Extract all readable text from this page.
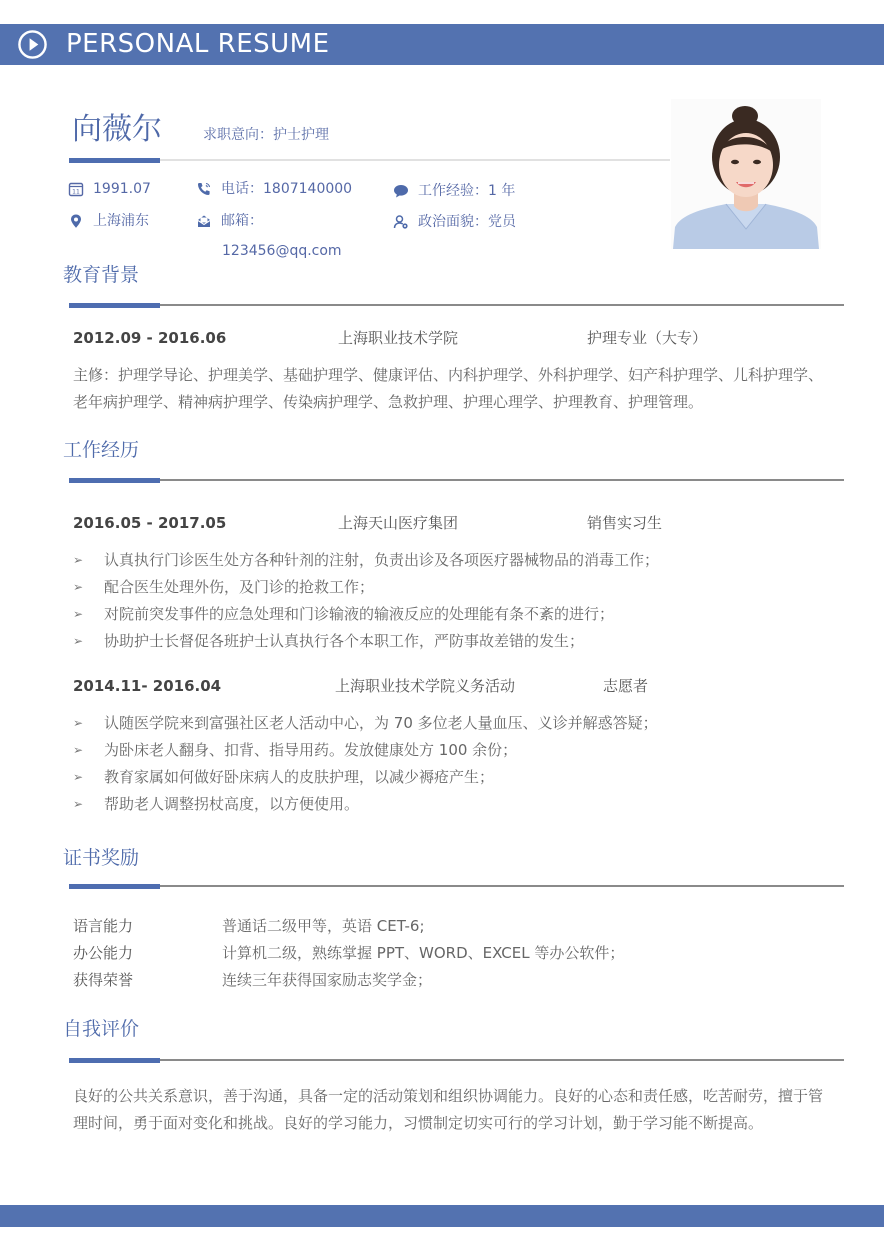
PERSONAL RESUME
向薇尔	求职意向：护士护理
11 1991.07
上海浦东
电话：1807140000
邮箱：
123456@qq.com
工作经验：1 年
政治面貌：党员
教育背景
2012.09 - 2016.06	上海职业技术学院	护理专业（大专）
主修：护理学导论、护理美学、基础护理学、健康评估、内科护理学、外科护理学、妇产科护理学、儿科护理学、老年病护理学、精神病护理学、传染病护理学、急救护理、护理心理学、护理教育、护理管理。
工作经历
2016.05 - 2017.05	上海天山医疗集团	销售实习生
➢	认真执行门诊医生处方各种针剂的注射，负责出诊及各项医疗器械物品的消毒工作；
➢	配合医生处理外伤，及门诊的抢救工作；
➢	对院前突发事件的应急处理和门诊输液的输液反应的处理能有条不紊的进行；
➢	协助护士长督促各班护士认真执行各个本职工作，严防事故差错的发生；
2014.11- 2016.04	上海职业技术学院义务活动	志愿者
➢	认随医学院来到富强社区老人活动中心，为 70 多位老人量血压、义诊并解惑答疑；
➢	为卧床老人翻身、扣背、指导用药。发放健康处方 100 余份；
➢	教育家属如何做好卧床病人的皮肤护理，以减少褥疮产生；
➢	帮助老人调整拐杖高度，以方便使用。
证书奖励
语言能力	普通话二级甲等，英语 CET-6;
办公能力	计算机二级，熟练掌握 PPT、WORD、EXCEL 等办公软件；
获得荣誉	连续三年获得国家励志奖学金；
自我评价
良好的公共关系意识，善于沟通，具备一定的活动策划和组织协调能力。良好的心态和责任感，吃苦耐劳，擅于管理时间，勇于面对变化和挑战。良好的学习能力，习惯制定切实可行的学习计划，勤于学习能不断提高。
